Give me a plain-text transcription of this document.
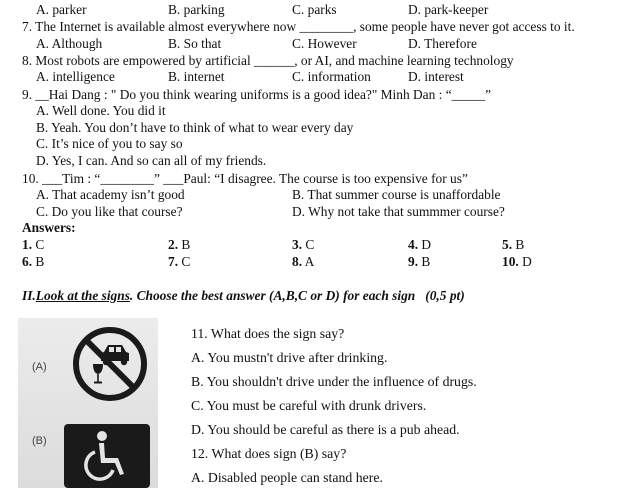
A. parker	B. parking	C. parks	D. park-keeper
7. The Internet is available almost everywhere now ________, some people have never got access to it.
A. Although	B. So that	C. However	D. Therefore
8. Most robots are empowered by artificial ______, or AI, and machine learning technology
A. intelligence	B. internet	C. information	D. interest
9. __Hai Dang : " Do you think wearing uniforms is a good idea?" Minh Dan : “_____”
A. Well done. You did it
B. Yeah. You don’t have to think of what to wear every day
C. It’s nice of you to say so
D. Yes, I can. And so can all of my friends.
10. ___Tim : “________” ___Paul: “I disagree. The course is too expensive for us”
A. That academy isn’t good	B. That summer course is unaffordable
C. Do you like that course?	D. Why not take that summmer course?
Answers:
1. C	2. B	3. C	4. D	5. B
6. B	7. C	8. A	9. B	10. D
II.Look at the signs. Choose the best answer (A,B,C or D) for each sign (0,5 pt)
(A)
(B)
11. What does the sign say?
A. You mustn't drive after drinking.
B. You shouldn't drive under the influence of drugs.
C. You must be careful with drunk drivers.
D. You should be careful as there is a pub ahead.
12. What does sign (B) say?
A. Disabled people can stand here.
